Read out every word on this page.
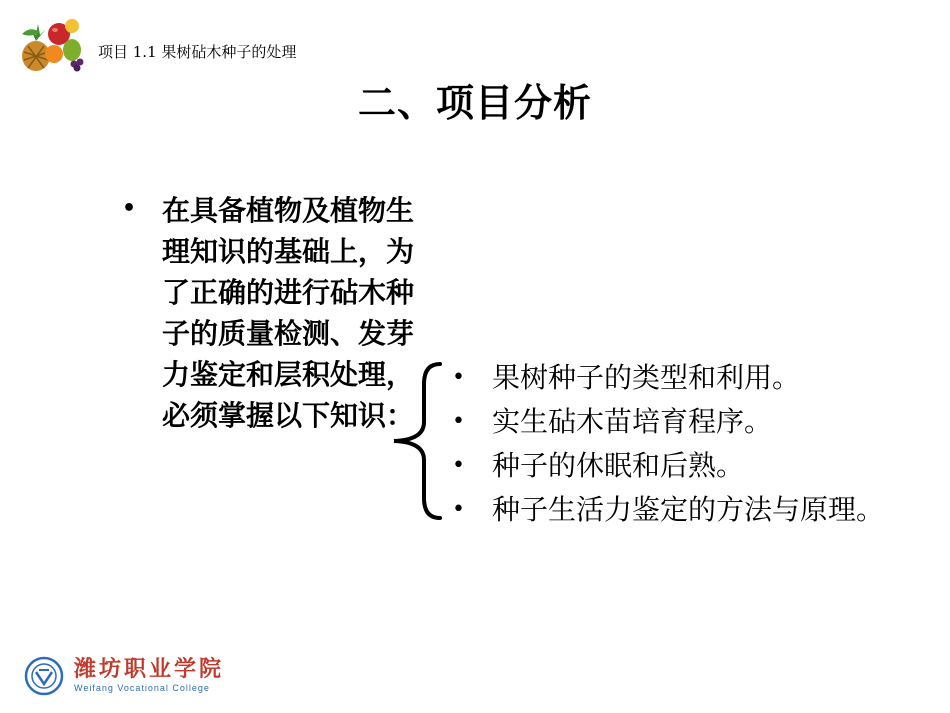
项目 1.1 果树砧木种子的处理
二、项目分析
• 在具备植物及植物生理知识的基础上，为了正确的进行砧木种子的质量检测、发芽力鉴定和层积处理，必须掌握以下知识：
• 果树种子的类型和利用。
• 实生砧木苗培育程序。
• 种子的休眠和后熟。
• 种子生活力鉴定的方法与原理。
潍坊职业学院
Weifang Vocational College
